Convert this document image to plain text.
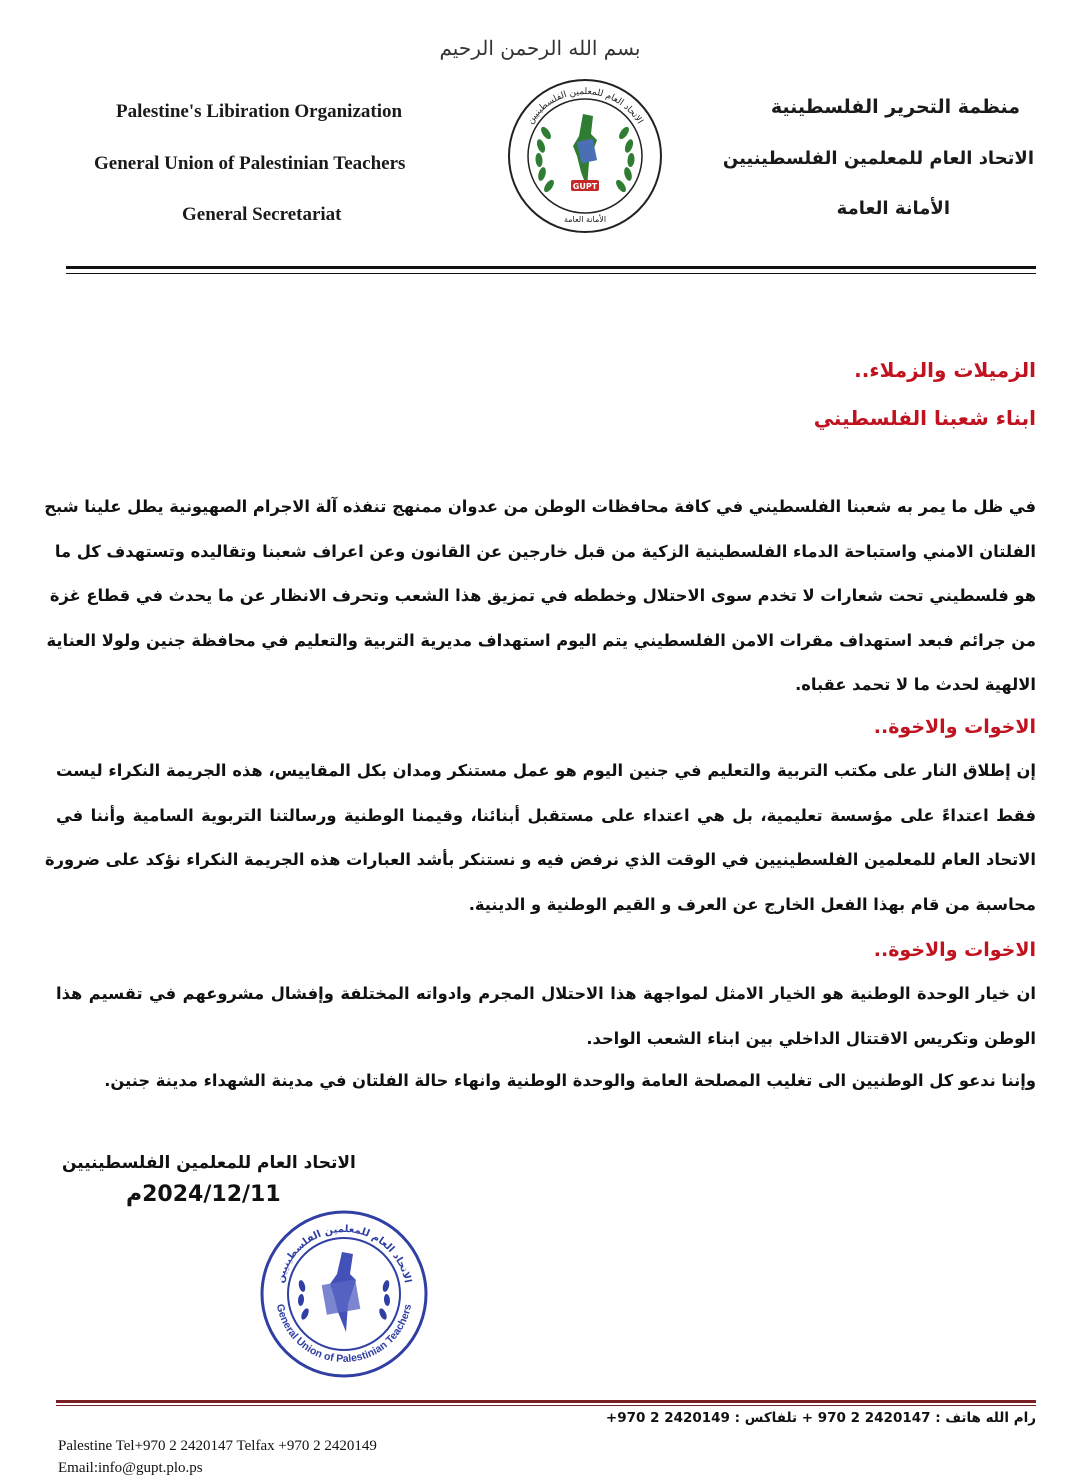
بسم الله الرحمن الرحيم
Palestine's Libiration Organization
General Union of Palestinian Teachers
General Secretariat
منظمة التحرير الفلسطينية
الاتحاد العام للمعلمين الفلسطينيين
الأمانة العامة
الاتحاد العام للمعلمين الفلسطينيين
الأمانة العامة
GUPT
الزميلات والزملاء..
ابناء شعبنا الفلسطيني

في ظل ما يمر به شعبنا الفلسطيني في كافة محافظات الوطن من عدوان ممنهج تنفذه آلة الاجرام الصهيونية يطل علينا شبح
الفلتان الامني واستباحة الدماء الفلسطينية الزكية من قبل خارجين عن القانون وعن اعراف شعبنا وتقاليده وتستهدف كل ما
هو فلسطيني تحت شعارات لا تخدم سوى الاحتلال وخططه في تمزيق هذا الشعب وتحرف الانظار عن ما يحدث في قطاع غزة
من جرائم فبعد استهداف مقرات الامن الفلسطيني يتم اليوم استهداف مديرية التربية والتعليم في محافظة جنين ولولا العناية
الالهية لحدث ما لا تحمد عقباه.

الاخوات والاخوة..

إن إطلاق النار على مكتب التربية والتعليم في جنين اليوم هو عمل مستنكر ومدان بكل المقاييس، هذه الجريمة النكراء ليست
فقط اعتداءً على مؤسسة تعليمية، بل هي اعتداء على مستقبل أبنائنا، وقيمنا الوطنية ورسالتنا التربوية السامية وأننا في
الاتحاد العام للمعلمين الفلسطينيين في الوقت الذي نرفض فيه و نستنكر بأشد العبارات هذه الجريمة النكراء نؤكد على ضرورة
محاسبة من قام بهذا الفعل الخارج عن العرف و القيم الوطنية و الدينية.

الاخوات والاخوة..

ان خيار الوحدة الوطنية هو الخيار الامثل لمواجهة هذا الاحتلال المجرم وادواته المختلفة وإفشال مشروعهم في تقسيم هذا
الوطن وتكريس الاقتتال الداخلي بين ابناء الشعب الواحد.
وإننا ندعو كل الوطنيين الى تغليب المصلحة العامة والوحدة الوطنية وانهاء حالة الفلتان في مدينة الشهداء مدينة جنين.

الاتحاد العام للمعلمين الفلسطينيين
2024/12/11م
الاتحاد العام للمعلمين الفلسطينيين
General Union of Palestinian Teachers
رام الله هاتف : 2420147 2 970 + تلفاكس : 2420149 2 970+
Palestine Tel+970 2 2420147 Telfax +970 2 2420149
Email:info@gupt.plo.ps
